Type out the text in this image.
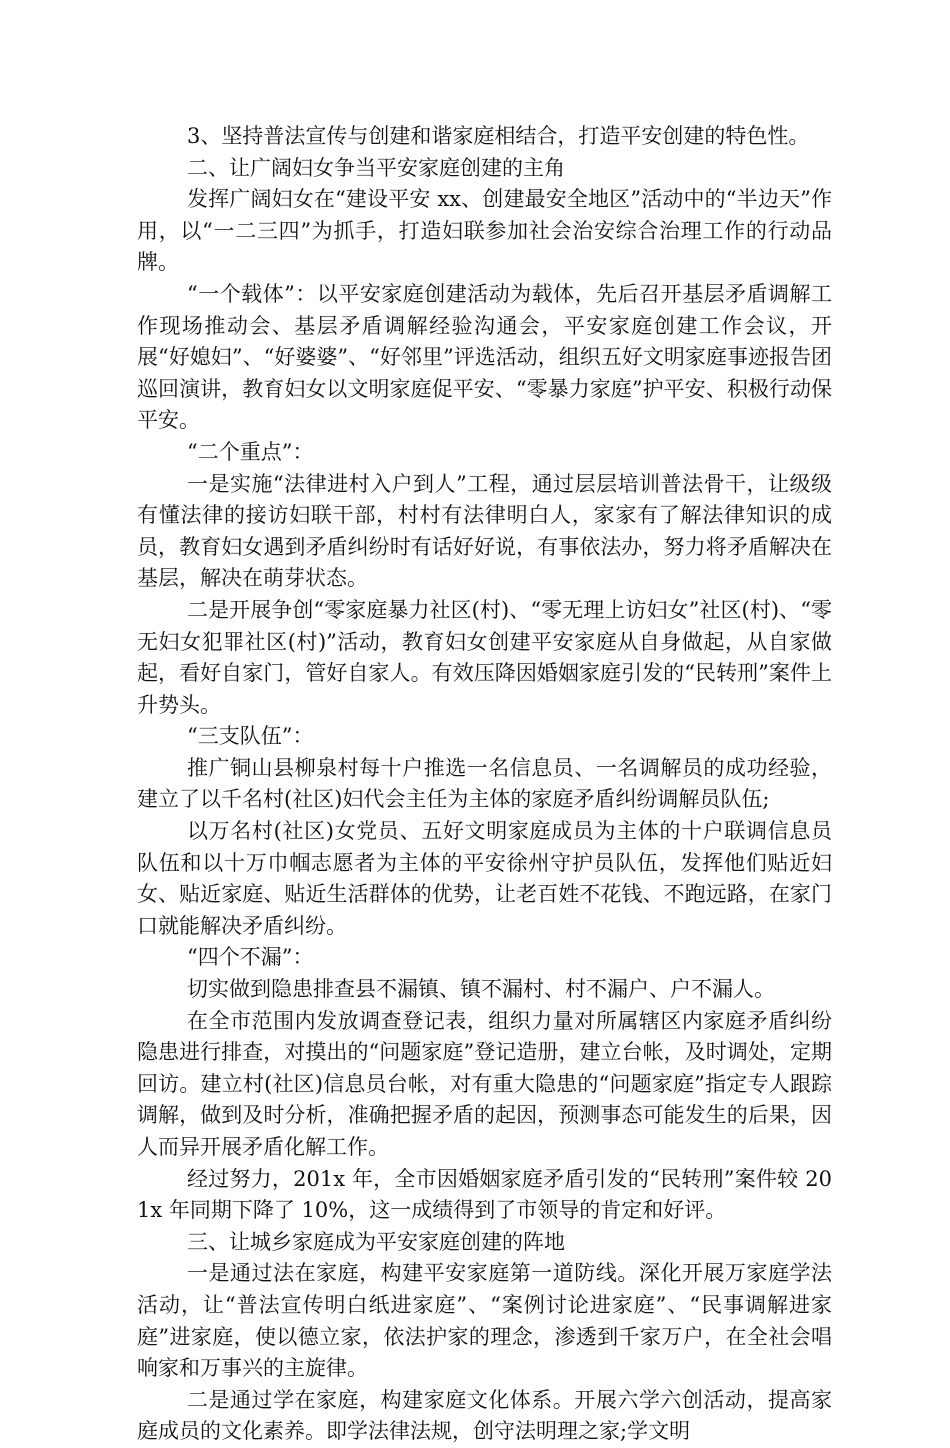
3、坚持普法宣传与创建和谐家庭相结合，打造平安创建的特色性。

二、让广阔妇女争当平安家庭创建的主角

发挥广阔妇女在“建设平安 xx、创建最安全地区”活动中的“半边天”作用，以“一二三四”为抓手，打造妇联参加社会治安综合治理工作的行动品牌。

“一个载体”：以平安家庭创建活动为载体，先后召开基层矛盾调解工作现场推动会、基层矛盾调解经验沟通会，平安家庭创建工作会议，开展“好媳妇”、“好婆婆”、“好邻里”评选活动，组织五好文明家庭事迹报告团巡回演讲，教育妇女以文明家庭促平安、“零暴力家庭”护平安、积极行动保平安。

“二个重点”：

一是实施“法律进村入户到人”工程，通过层层培训普法骨干，让级级有懂法律的接访妇联干部，村村有法律明白人，家家有了解法律知识的成员，教育妇女遇到矛盾纠纷时有话好好说，有事依法办，努力将矛盾解决在基层，解决在萌芽状态。

二是开展争创“零家庭暴力社区(村)、“零无理上访妇女”社区(村)、“零无妇女犯罪社区(村)”活动，教育妇女创建平安家庭从自身做起，从自家做起，看好自家门，管好自家人。有效压降因婚姻家庭引发的“民转刑”案件上升势头。

“三支队伍”：

推广铜山县柳泉村每十户推选一名信息员、一名调解员的成功经验，建立了以千名村(社区)妇代会主任为主体的家庭矛盾纠纷调解员队伍;

以万名村(社区)女党员、五好文明家庭成员为主体的十户联调信息员队伍和以十万巾帼志愿者为主体的平安徐州守护员队伍，发挥他们贴近妇女、贴近家庭、贴近生活群体的优势，让老百姓不花钱、不跑远路，在家门口就能解决矛盾纠纷。

“四个不漏”：

切实做到隐患排查县不漏镇、镇不漏村、村不漏户、户不漏人。

在全市范围内发放调查登记表，组织力量对所属辖区内家庭矛盾纠纷隐患进行排查，对摸出的“问题家庭”登记造册，建立台帐，及时调处，定期回访。建立村(社区)信息员台帐，对有重大隐患的“问题家庭”指定专人跟踪调解，做到及时分析，准确把握矛盾的起因，预测事态可能发生的后果，因人而异开展矛盾化解工作。

经过努力，201x 年，全市因婚姻家庭矛盾引发的“民转刑”案件较 201x 年同期下降了 10%，这一成绩得到了市领导的肯定和好评。

三、让城乡家庭成为平安家庭创建的阵地

一是通过法在家庭，构建平安家庭第一道防线。深化开展万家庭学法活动，让“普法宣传明白纸进家庭”、“案例讨论进家庭”、“民事调解进家庭”进家庭，使以德立家，依法护家的理念，渗透到千家万户，在全社会唱响家和万事兴的主旋律。

二是通过学在家庭，构建家庭文化体系。开展六学六创活动，提高家庭成员的文化素养。即学法律法规，创守法明理之家;学文明
